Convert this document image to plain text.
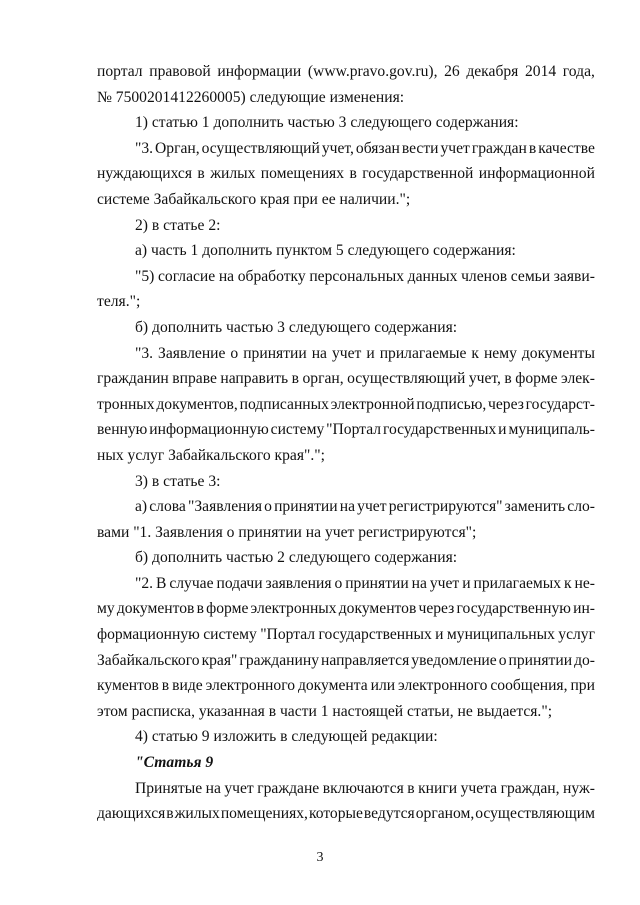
портал правовой информации (www.pravo.gov.ru), 26 декабря 2014 года,
№ 7500201412260005) следующие изменения:
1) статью 1 дополнить частью 3 следующего содержания:
"3. Орган, осуществляющий учет, обязан вести учет граждан в качестве
нуждающихся в жилых помещениях в государственной информационной
системе Забайкальского края при ее наличии.";
2) в статье 2:
а) часть 1 дополнить пунктом 5 следующего содержания:
"5) согласие на обработку персональных данных членов семьи заяви-
теля.";
б) дополнить частью 3 следующего содержания:
"3. Заявление о принятии на учет и прилагаемые к нему документы
гражданин вправе направить в орган, осуществляющий учет, в форме элек-
тронных документов, подписанных электронной подписью, через государст-
венную информационную систему "Портал государственных и муниципаль-
ных услуг Забайкальского края".";
3) в статье 3:
а) слова "Заявления о принятии на учет регистрируются" заменить сло-
вами "1. Заявления о принятии на учет регистрируются";
б) дополнить частью 2 следующего содержания:
"2. В случае подачи заявления о принятии на учет и прилагаемых к не-
му документов в форме электронных документов через государственную ин-
формационную систему "Портал государственных и муниципальных услуг
Забайкальского края" гражданину направляется уведомление о принятии до-
кументов в виде электронного документа или электронного сообщения, при
этом расписка, указанная в части 1 настоящей статьи, не выдается.";
4) статью 9 изложить в следующей редакции:
"Статья 9
Принятые на учет граждане включаются в книги учета граждан, нуж-
дающихся в жилых помещениях, которые ведутся органом, осуществляющим
3
